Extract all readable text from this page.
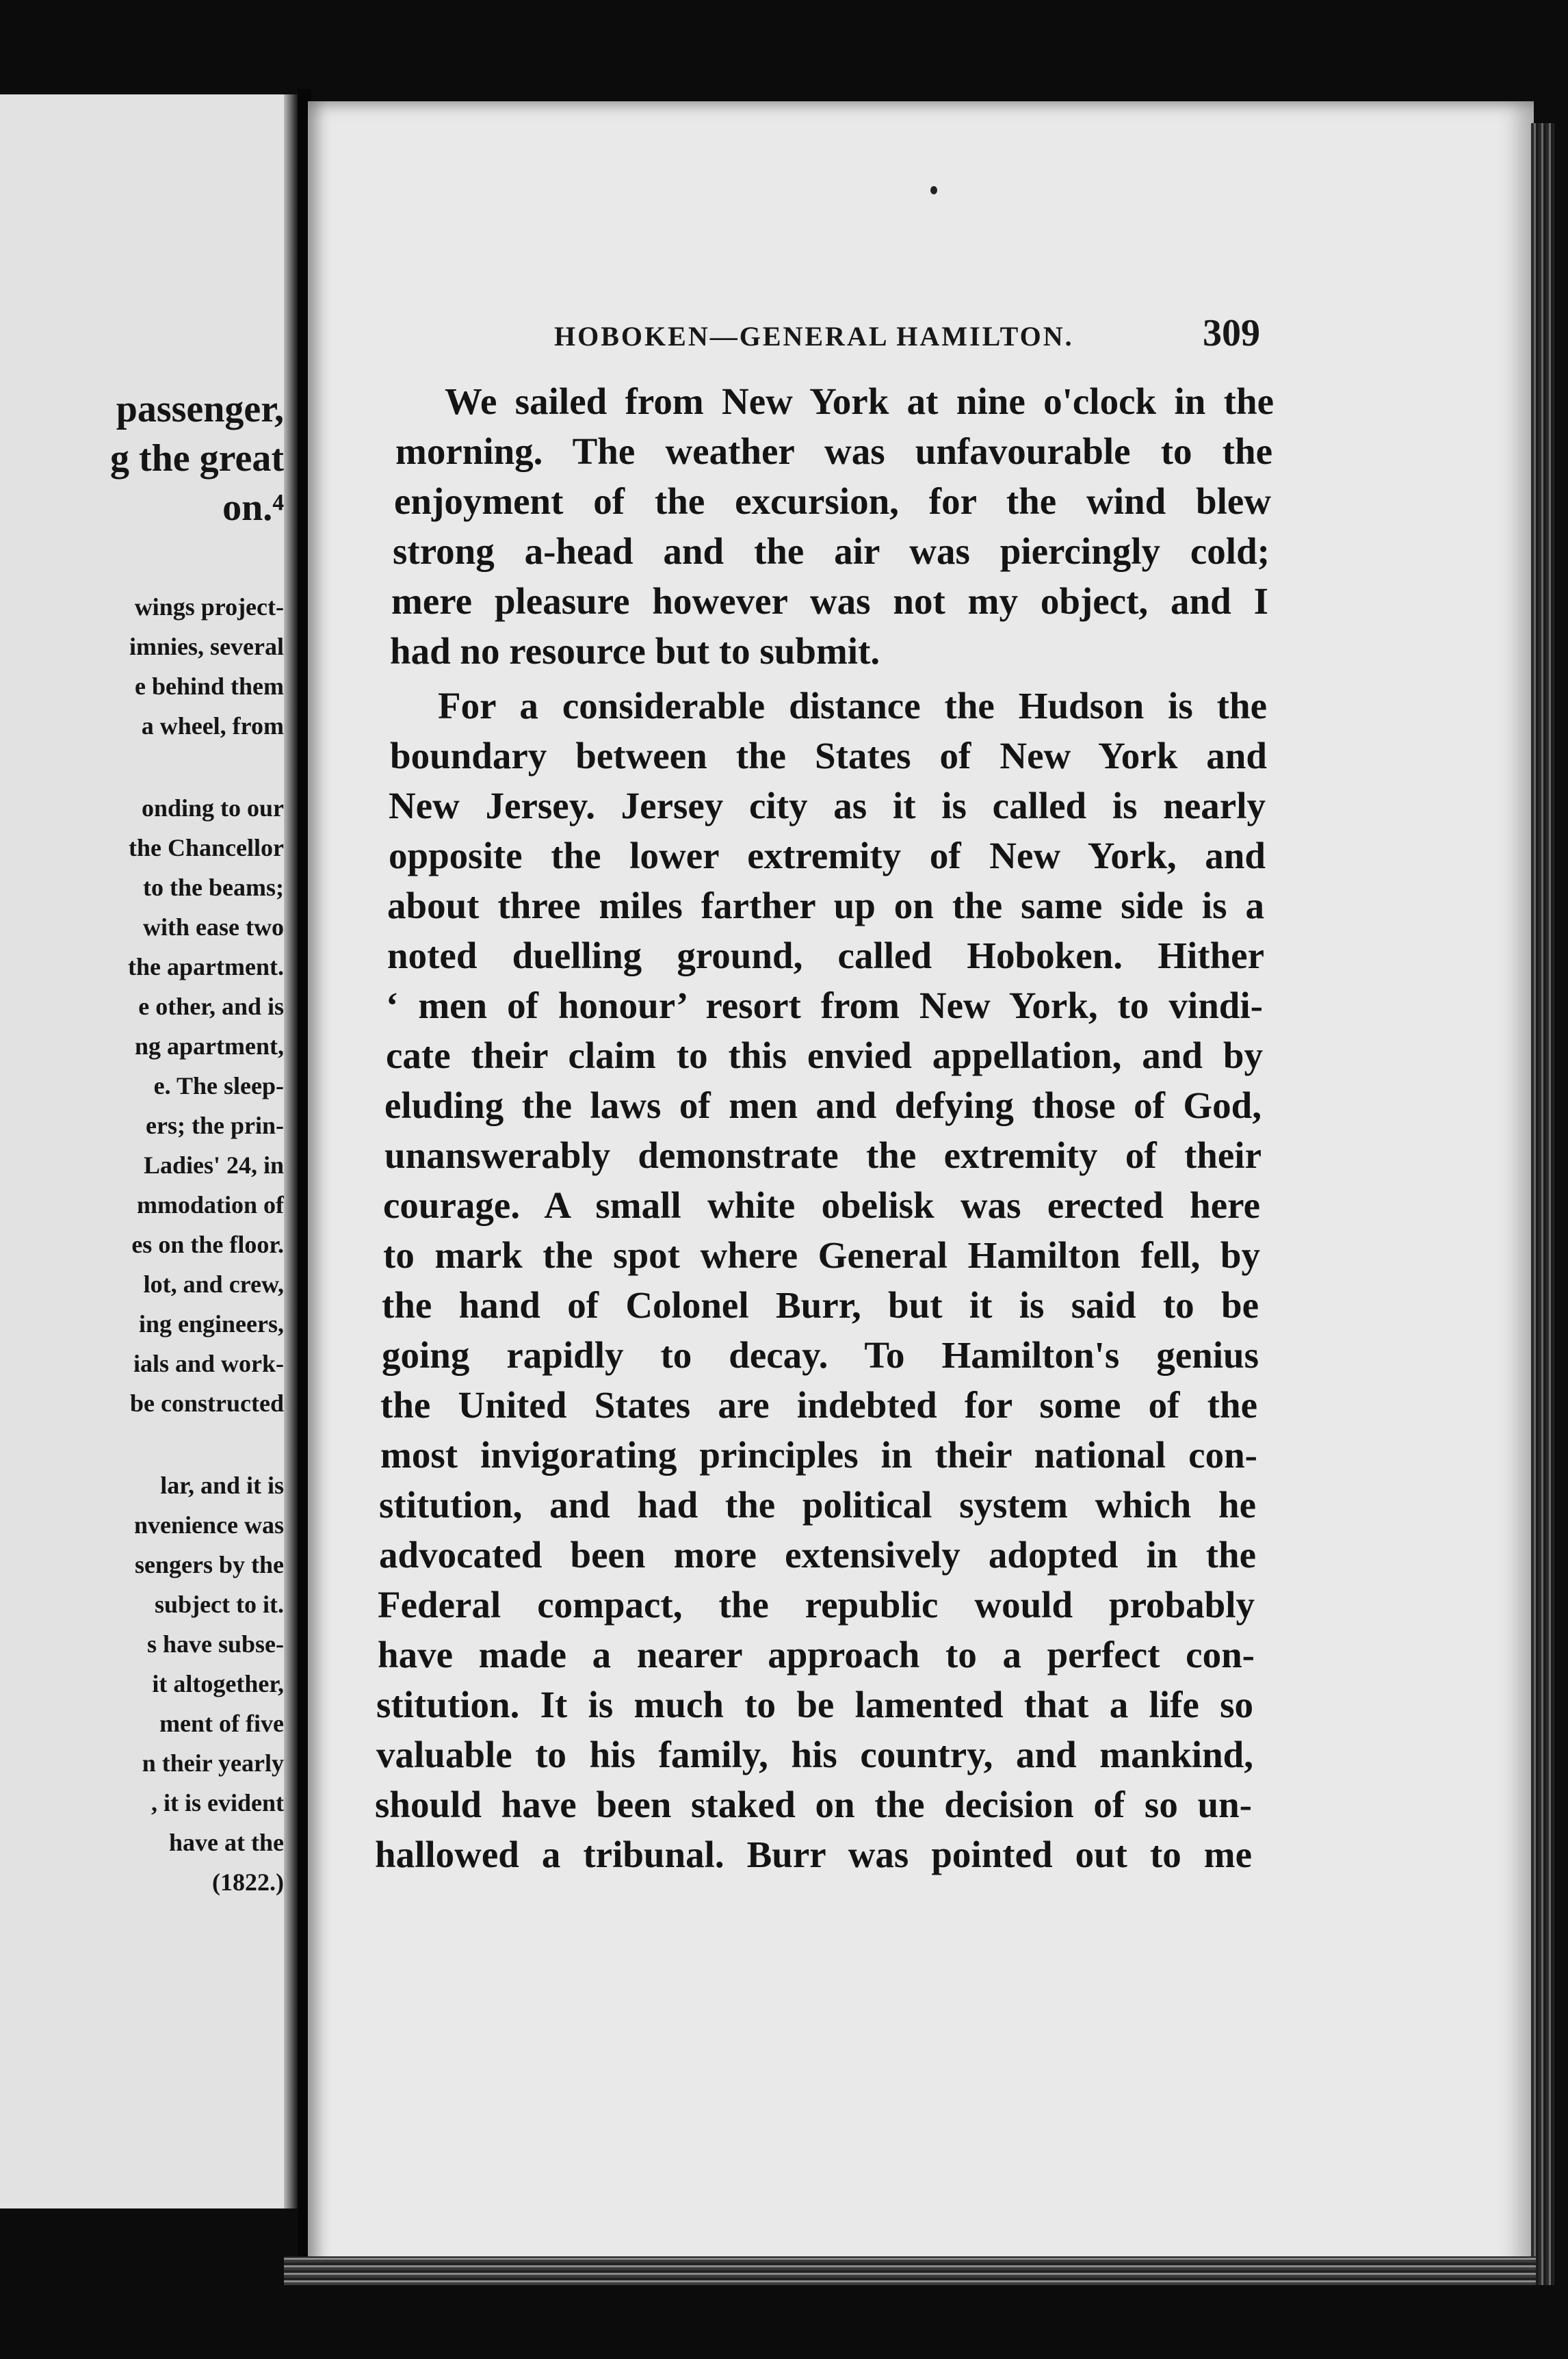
passenger,
g the great
on.⁴
wings project-
imnies, several
e behind them
a wheel, from
onding to our
the Chancellor
to the beams;
with ease two
the apartment.
e other, and is
ng apartment,
e. The sleep-
ers; the prin-
Ladies' 24, in
mmodation of
es on the floor.
lot, and crew,
ing engineers,
ials and work-
be constructed
lar, and it is
nvenience was
sengers by the
subject to it.
s have subse-
it altogether,
ment of five
n their yearly
, it is evident
have at the
(1822.)
HOBOKEN—GENERAL HAMILTON.	309
We sailed from New York at nine o'clock in the
morning. The weather was unfavourable to the
enjoyment of the excursion, for the wind blew
strong a-head and the air was piercingly cold;
mere pleasure however was not my object, and I
had no resource but to submit.
For a considerable distance the Hudson is the
boundary between the States of New York and
New Jersey. Jersey city as it is called is nearly
opposite the lower extremity of New York, and
about three miles farther up on the same side is a
noted duelling ground, called Hoboken. Hither
‘ men of honour’ resort from New York, to vindi-
cate their claim to this envied appellation, and by
eluding the laws of men and defying those of God,
unanswerably demonstrate the extremity of their
courage. A small white obelisk was erected here
to mark the spot where General Hamilton fell, by
the hand of Colonel Burr, but it is said to be
going rapidly to decay. To Hamilton's genius
the United States are indebted for some of the
most invigorating principles in their national con-
stitution, and had the political system which he
advocated been more extensively adopted in the
Federal compact, the republic would probably
have made a nearer approach to a perfect con-
stitution. It is much to be lamented that a life so
valuable to his family, his country, and mankind,
should have been staked on the decision of so un-
hallowed a tribunal. Burr was pointed out to me
